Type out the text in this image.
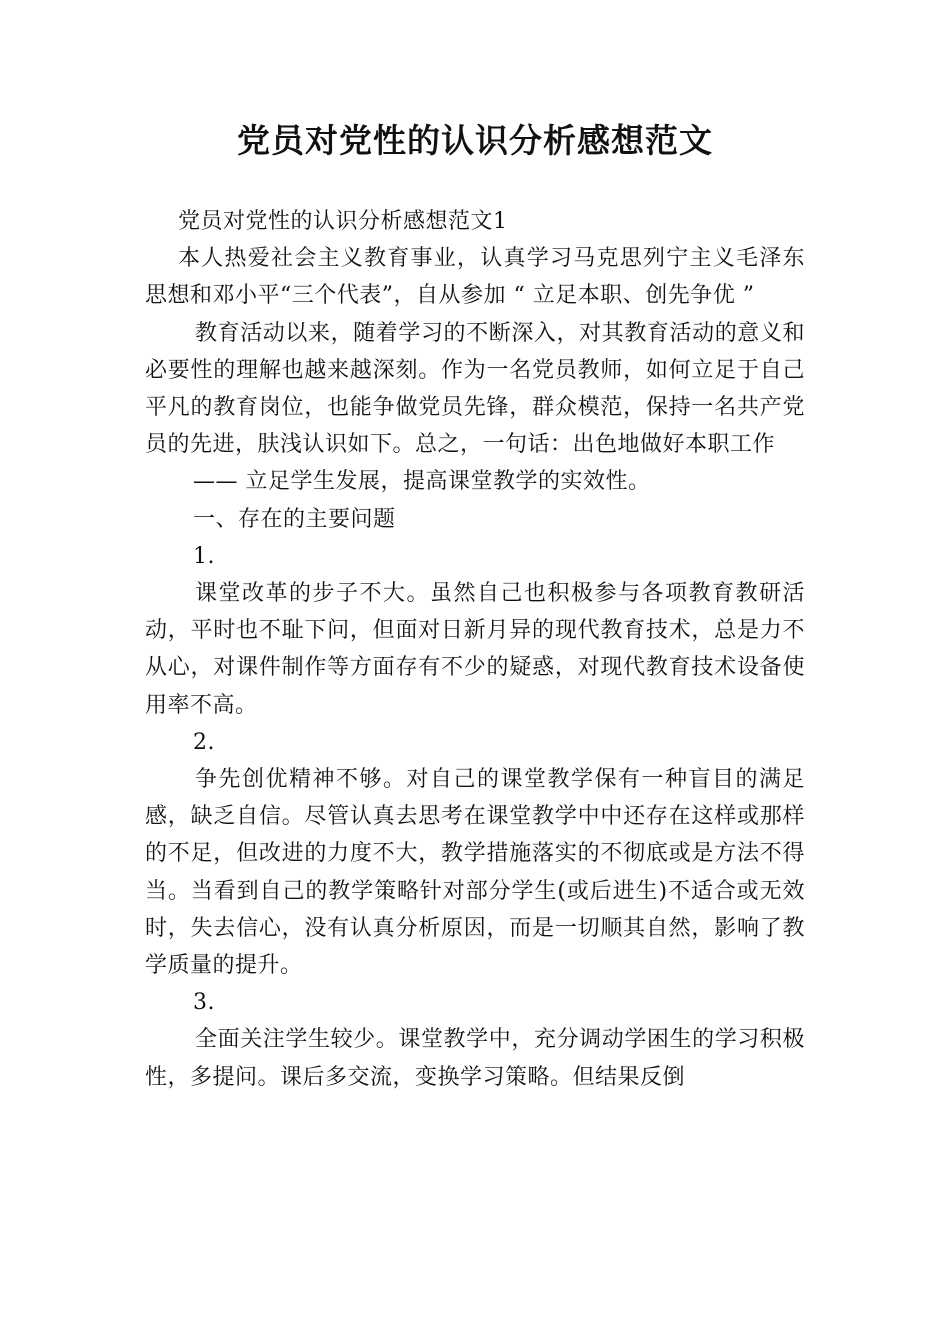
党员对党性的认识分析感想范文

党员对党性的认识分析感想范文1

本人热爱社会主义教育事业，认真学习马克思列宁主义毛泽东思想和邓小平“三个代表”，自从参加 “ 立足本职、创先争优 ”

教育活动以来，随着学习的不断深入，对其教育活动的意义和必要性的理解也越来越深刻。作为一名党员教师，如何立足于自己平凡的教育岗位，也能争做党员先锋，群众模范，保持一名共产党员的先进，肤浅认识如下。总之，一句话：出色地做好本职工作

—— 立足学生发展，提高课堂教学的实效性。

一、存在的主要问题

1.

课堂改革的步子不大。虽然自己也积极参与各项教育教研活动，平时也不耻下问，但面对日新月异的现代教育技术，总是力不从心，对课件制作等方面存有不少的疑惑，对现代教育技术设备使用率不高。

2.

争先创优精神不够。对自己的课堂教学保有一种盲目的满足感，缺乏自信。尽管认真去思考在课堂教学中中还存在这样或那样的不足，但改进的力度不大，教学措施落实的不彻底或是方法不得当。当看到自己的教学策略针对部分学生(或后进生)不适合或无效时，失去信心，没有认真分析原因，而是一切顺其自然，影响了教学质量的提升。

3.

全面关注学生较少。课堂教学中，充分调动学困生的学习积极性，多提问。课后多交流，变换学习策略。但结果反倒
